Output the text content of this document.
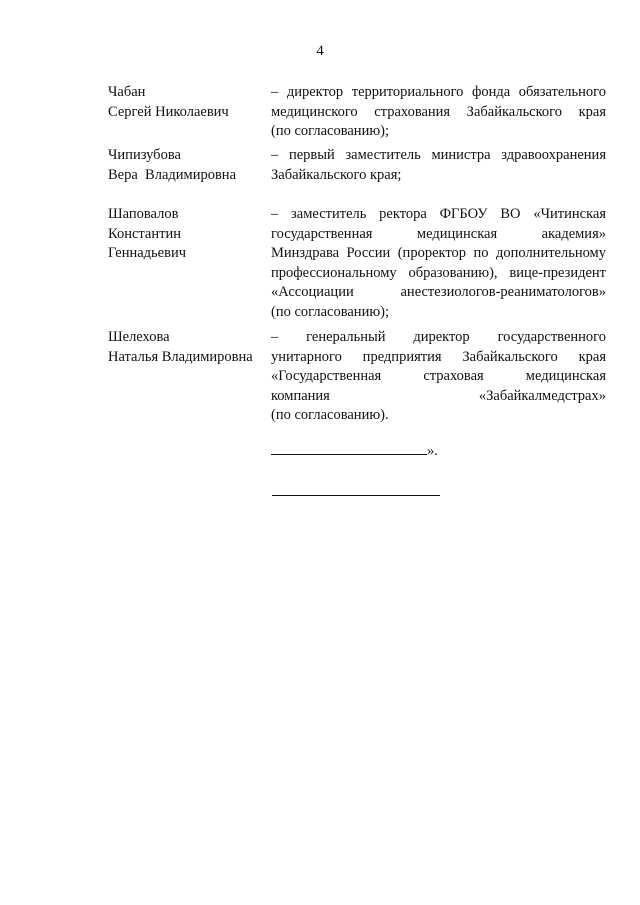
4
Чабан
Сергей Николаевич
– директор территориального фонда обязательного
медицинского страхования Забайкальского края
(по согласованию);
Чипизубова
Вера  Владимировна
– первый заместитель министра здравоохранения
Забайкальского края;
Шаповалов
Константин
Геннадьевич
– заместитель ректора ФГБОУ ВО «Читинская
государственная медицинская академия»
Минздрава России (проректор по дополнительному
профессиональному образованию), вице-президент
«Ассоциации анестезиологов-реаниматологов»
(по согласованию);
Шелехова
Наталья Владимировна
– генеральный директор государственного
унитарного предприятия Забайкальского края
«Государственная страховая медицинская
компания «Забайкалмедстрах»
(по согласованию).
».
